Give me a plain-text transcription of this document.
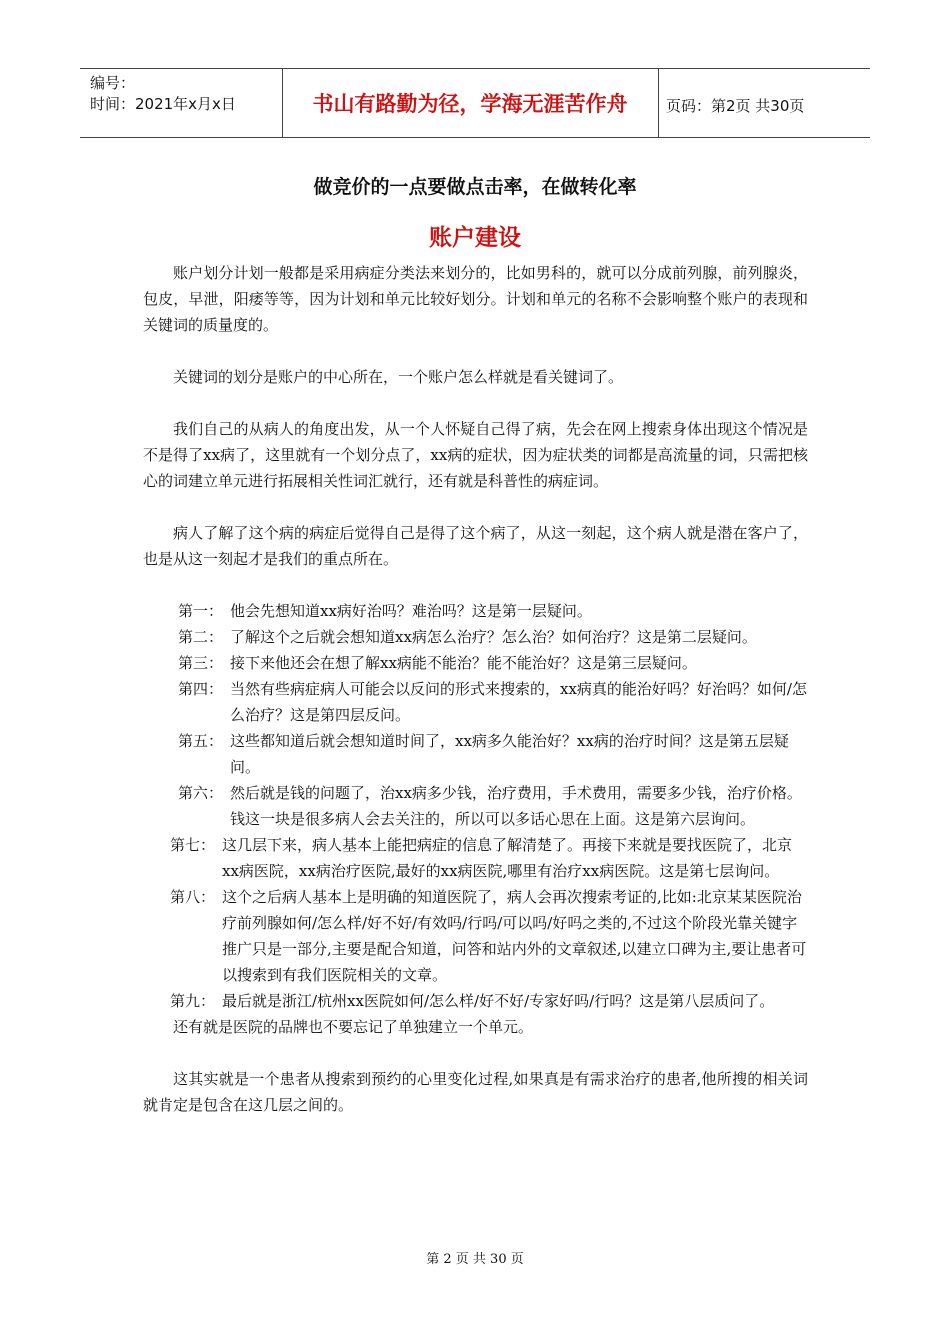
编号：
时间：2021年x月x日	书山有路勤为径，学海无涯苦作舟	页码：第2页 共30页
做竞价的一点要做点击率，在做转化率
账户建设

账户划分计划一般都是采用病症分类法来划分的，比如男科的，就可以分成前列腺，前列腺炎，包皮，早泄，阳痿等等，因为计划和单元比较好划分。计划和单元的名称不会影响整个账户的表现和关键词的质量度的。

关键词的划分是账户的中心所在，一个账户怎么样就是看关键词了。

我们自己的从病人的角度出发，从一个人怀疑自己得了病，先会在网上搜索身体出现这个情况是不是得了xx病了，这里就有一个划分点了，xx病的症状，因为症状类的词都是高流量的词，只需把核心的词建立单元进行拓展相关性词汇就行，还有就是科普性的病症词。

病人了解了这个病的病症后觉得自己是得了这个病了，从这一刻起，这个病人就是潜在客户了，也是从这一刻起才是我们的重点所在。

第一： 他会先想知道xx病好治吗？难治吗？这是第一层疑问。
第二： 了解这个之后就会想知道xx病怎么治疗？怎么治？如何治疗？这是第二层疑问。
第三： 接下来他还会在想了解xx病能不能治？能不能治好？这是第三层疑问。
第四： 当然有些病症病人可能会以反问的形式来搜索的，xx病真的能治好吗？好治吗？如何/怎么治疗？这是第四层反问。
第五： 这些都知道后就会想知道时间了，xx病多久能治好？xx病的治疗时间？这是第五层疑问。
第六： 然后就是钱的问题了，治xx病多少钱，治疗费用，手术费用，需要多少钱，治疗价格。钱这一块是很多病人会去关注的，所以可以多话心思在上面。这是第六层询问。
第七： 这几层下来，病人基本上能把病症的信息了解清楚了。再接下来就是要找医院了，北京xx病医院，xx病治疗医院,最好的xx病医院,哪里有治疗xx病医院。这是第七层询问。
第八： 这个之后病人基本上是明确的知道医院了，病人会再次搜索考证的,比如:北京某某医院治疗前列腺如何/怎么样/好不好/有效吗/行吗/可以吗/好吗之类的,不过这个阶段光靠关键字推广只是一部分,主要是配合知道，问答和站内外的文章叙述,以建立口碑为主,要让患者可以搜索到有我们医院相关的文章。
第九： 最后就是浙江/杭州xx医院如何/怎么样/好不好/专家好吗/行吗？这是第八层质问了。

还有就是医院的品牌也不要忘记了单独建立一个单元。

这其实就是一个患者从搜索到预约的心里变化过程,如果真是有需求治疗的患者,他所搜的相关词就肯定是包含在这几层之间的。

第 2 页 共 30 页
